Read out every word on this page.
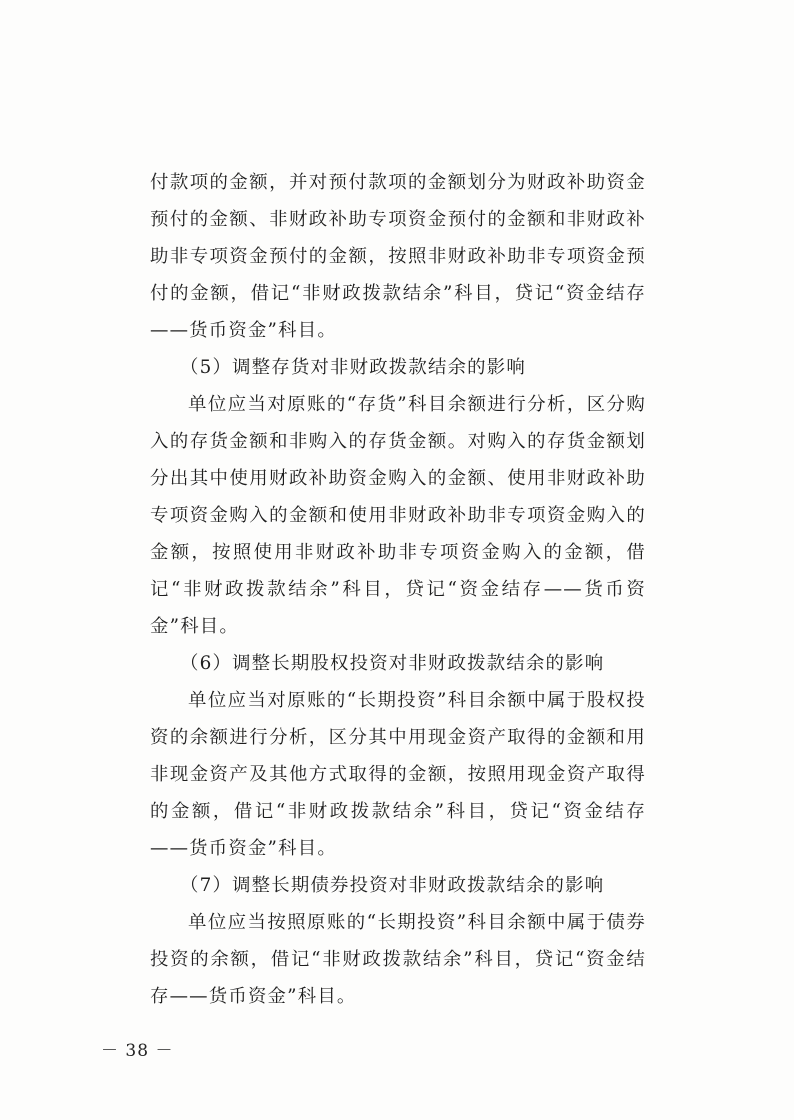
付款项的金额，并对预付款项的金额划分为财政补助资金预付的金额、非财政补助专项资金预付的金额和非财政补助非专项资金预付的金额，按照非财政补助非专项资金预付的金额，借记“非财政拨款结余”科目，贷记“资金结存——货币资金”科目。

（5）调整存货对非财政拨款结余的影响

单位应当对原账的“存货”科目余额进行分析，区分购入的存货金额和非购入的存货金额。对购入的存货金额划分出其中使用财政补助资金购入的金额、使用非财政补助专项资金购入的金额和使用非财政补助非专项资金购入的金额，按照使用非财政补助非专项资金购入的金额，借记“非财政拨款结余”科目，贷记“资金结存——货币资金”科目。

（6）调整长期股权投资对非财政拨款结余的影响

单位应当对原账的“长期投资”科目余额中属于股权投资的余额进行分析，区分其中用现金资产取得的金额和用非现金资产及其他方式取得的金额，按照用现金资产取得的金额，借记“非财政拨款结余”科目，贷记“资金结存——货币资金”科目。

（7）调整长期债券投资对非财政拨款结余的影响

单位应当按照原账的“长期投资”科目余额中属于债券投资的余额，借记“非财政拨款结余”科目，贷记“资金结存——货币资金”科目。

－ 38 －
